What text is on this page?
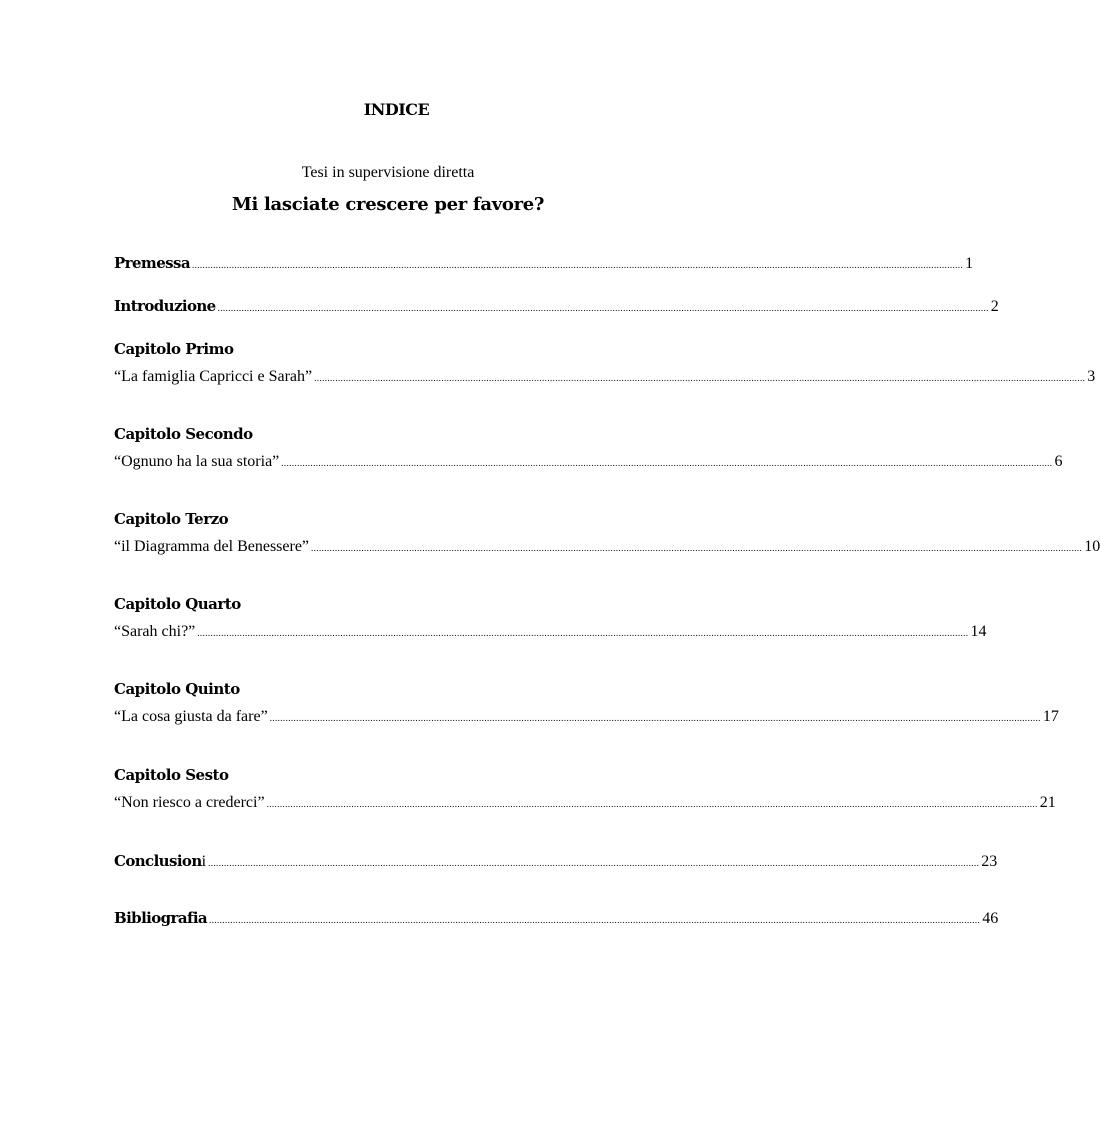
INDICE
Tesi in supervisione diretta
Mi lasciate crescere per favore?
Premessa ................................................................................................................................................................................................................................................................................................... 1
Introduzione ................................................................................................................................................................................................................................................................................................... 2
Capitolo Primo
“La famiglia Capricci e Sarah” ................................................................................................................................................................................................................................................................................................... 3
Capitolo Secondo
“Ognuno ha la sua storia” ................................................................................................................................................................................................................................................................................................... 6
Capitolo Terzo
“il Diagramma del Benessere” ................................................................................................................................................................................................................................................................................................... 10
Capitolo Quarto
“Sarah chi?” ................................................................................................................................................................................................................................................................................................... 14
Capitolo Quinto
“La cosa giusta da fare” ................................................................................................................................................................................................................................................................................................... 17
Capitolo Sesto
“Non riesco a crederci” ................................................................................................................................................................................................................................................................................................... 21
Conclusion i ................................................................................................................................................................................................................................................................................................... 23
Bibliografia ................................................................................................................................................................................................................................................................................................... 46
